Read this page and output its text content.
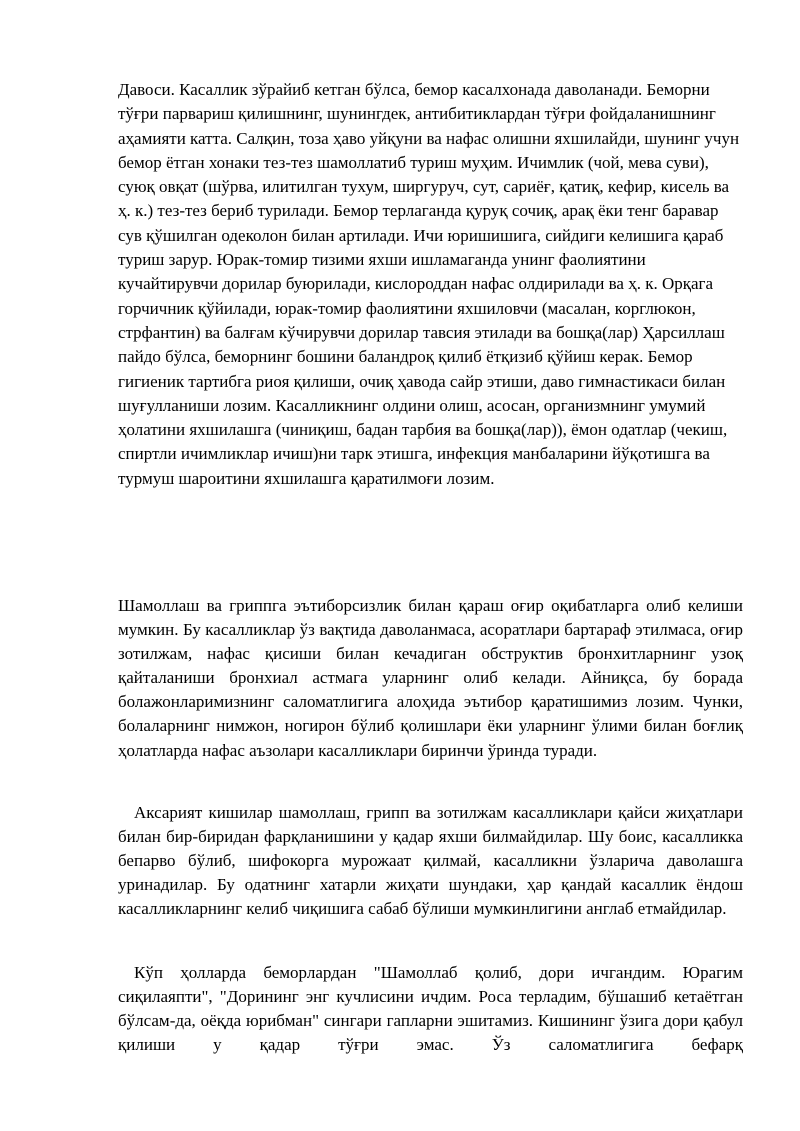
Давоси. Касаллик зўрайиб кетган бўлса, бемор касалхонада даволанади. Беморни тўғри парвариш қилишнинг, шунингдек, антибитиклардан тўғри фойдаланишнинг аҳамияти катта. Салқин, тоза ҳаво уйқуни ва нафас олишни яхшилайди, шунинг учун бемор ётган хонаки тез-тез шамоллатиб туриш муҳим. Ичимлик (чой, мева суви), суюқ овқат (шўрва, илитилган тухум, ширгуруч, сут, сариёғ, қатиқ, кефир, кисель ва ҳ. к.) тез-тез бериб турилади. Бемор терлаганда қуруқ сочиқ, арақ ёки тенг баравар сув қўшилган одеколон билан артилади. Ичи юришишига, сийдиги келишига қараб туриш зарур. Юрак-томир тизими яхши ишламаганда унинг фаолиятини кучайтирувчи дорилар буюрилади, кислороддан нафас олдирилади ва ҳ. к. Орқага горчичник қўйилади, юрак-томир фаолиятини яхшиловчи (масалан, корглюкон, стрфантин) ва балғам кўчирувчи дорилар тавсия этилади ва бошқа(лар) Ҳарсиллаш пайдо бўлса, беморнинг бошини баландроқ қилиб ётқизиб қўйиш керак. Бемор гигиеник тартибга риоя қилиши, очиқ ҳавода сайр этиши, даво гимнастикаси билан шуғулланиши лозим. Касалликнинг олдини олиш, асосан, организмнинг умумий ҳолатини яхшилашга (чиниқиш, бадан тарбия ва бошқа(лар)), ёмон одатлар (чекиш, спиртли ичимликлар ичиш)ни тарк этишга, инфекция манбаларини йўқотишга ва турмуш шароитини яхшилашга қаратилмоғи лозим.

Шамоллаш ва гриппга эътиборсизлик билан қараш оғир оқибатларга олиб келиши мумкин. Бу касалликлар ўз вақтида даволанмаса, асоратлари бартараф этилмаса, оғир зотилжам, нафас қисиши билан кечадиган обструктив бронхитларнинг узоқ қайталаниши бронхиал астмага уларнинг олиб келади. Айниқса, бу борада болажонларимизнинг саломатлигига алоҳида эътибор қаратишимиз лозим. Чунки, болаларнинг нимжон, ногирон бўлиб қолишлари ёки уларнинг ўлими билан боғлиқ ҳолатларда нафас аъзолари касалликлари биринчи ўринда туради.

Аксарият кишилар шамоллаш, грипп ва зотилжам касалликлари қайси жиҳатлари билан бир-биридан фарқланишини у қадар яхши билмайдилар. Шу боис, касалликка бепарво бўлиб, шифокорга мурожаат қилмай, касалликни ўзларича даволашга уринадилар. Бу одатнинг хатарли жиҳати шундаки, ҳар қандай касаллик ёндош касалликларнинг келиб чиқишига сабаб бўлиши мумкинлигини англаб етмайдилар.

Кўп ҳолларда беморлардан "Шамоллаб қолиб, дори ичгандим. Юрагим сиқилаяпти", "Дорининг энг кучлисини ичдим. Роса терладим, бўшашиб кетаётган бўлсам-да, оёқда юрибман" сингари гапларни эшитамиз. Кишининг ўзига дори қабул қилиши у қадар тўғри эмас. Ўз саломатлигига бефарқ
